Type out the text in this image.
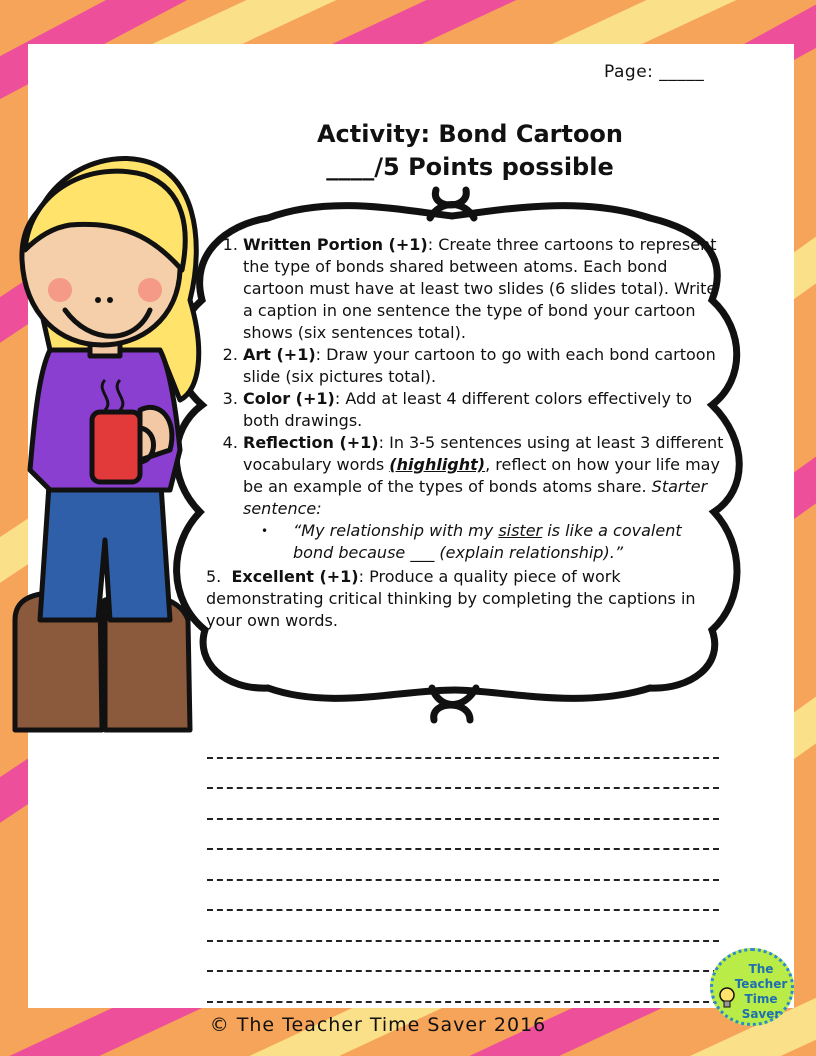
Page: _____
Activity: Bond Cartoon
____/5 Points possible
1. Written Portion (+1): Create three cartoons to represent the type of bonds shared between atoms. Each bond cartoon must have at least two slides (6 slides total). Write a caption in one sentence the type of bond your cartoon shows (six sentences total).
2. Art (+1): Draw your cartoon to go with each bond cartoon slide (six pictures total).
3. Color (+1): Add at least 4 different colors effectively to both drawings.
4. Reflection (+1): In 3-5 sentences using at least 3 different vocabulary words (highlight), reflect on how your life may be an example of the types of bonds atoms share. Starter sentence:
• “My relationship with my sister is like a covalent bond because ___ (explain relationship).”
5. Excellent (+1): Produce a quality piece of work demonstrating critical thinking by completing the captions in your own words.
© The Teacher Time Saver 2016
The
Teacher
Time
Saver
